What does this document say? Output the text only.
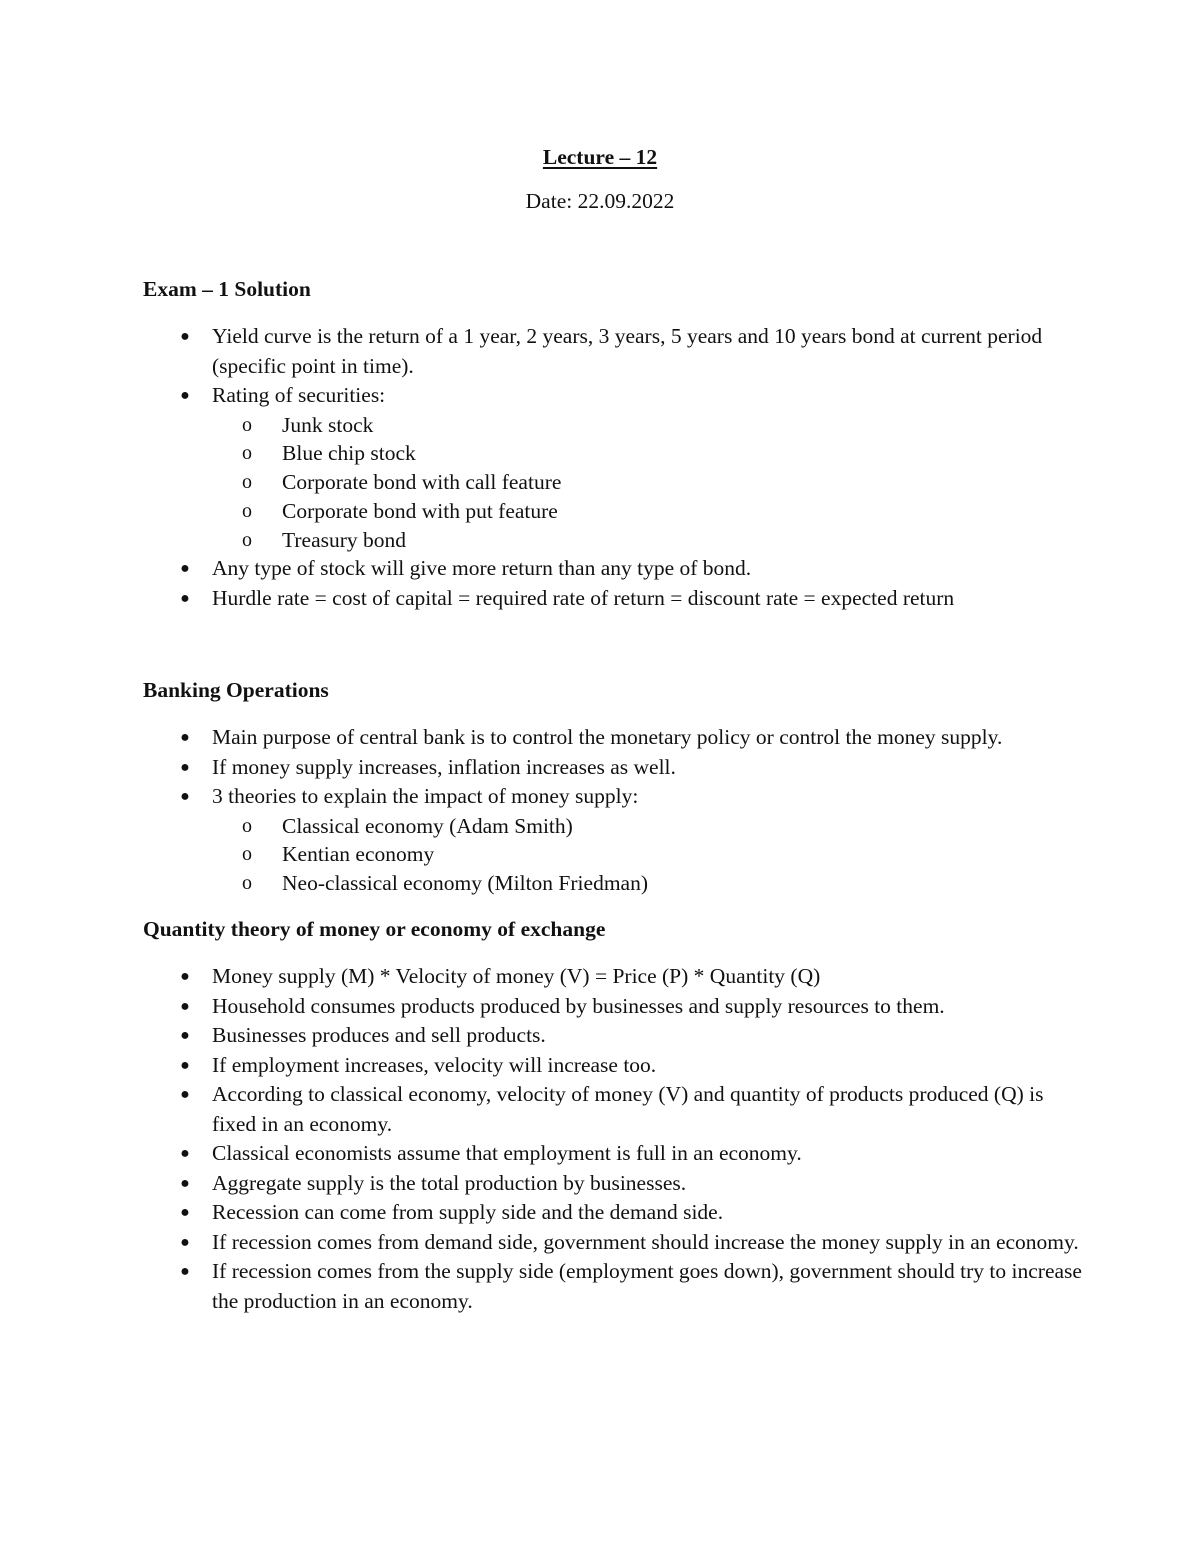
Lecture – 12
Date: 22.09.2022

Exam – 1 Solution

● Yield curve is the return of a 1 year, 2 years, 3 years, 5 years and 10 years bond at current period (specific point in time).
● Rating of securities:
o Junk stock
o Blue chip stock
o Corporate bond with call feature
o Corporate bond with put feature
o Treasury bond
● Any type of stock will give more return than any type of bond.
● Hurdle rate = cost of capital = required rate of return = discount rate = expected return

Banking Operations

● Main purpose of central bank is to control the monetary policy or control the money supply.
● If money supply increases, inflation increases as well.
● 3 theories to explain the impact of money supply:
o Classical economy (Adam Smith)
o Kentian economy
o Neo-classical economy (Milton Friedman)

Quantity theory of money or economy of exchange

● Money supply (M) * Velocity of money (V) = Price (P) * Quantity (Q)
● Household consumes products produced by businesses and supply resources to them.
● Businesses produces and sell products.
● If employment increases, velocity will increase too.
● According to classical economy, velocity of money (V) and quantity of products produced (Q) is fixed in an economy.
● Classical economists assume that employment is full in an economy.
● Aggregate supply is the total production by businesses.
● Recession can come from supply side and the demand side.
● If recession comes from demand side, government should increase the money supply in an economy.
● If recession comes from the supply side (employment goes down), government should try to increase the production in an economy.
